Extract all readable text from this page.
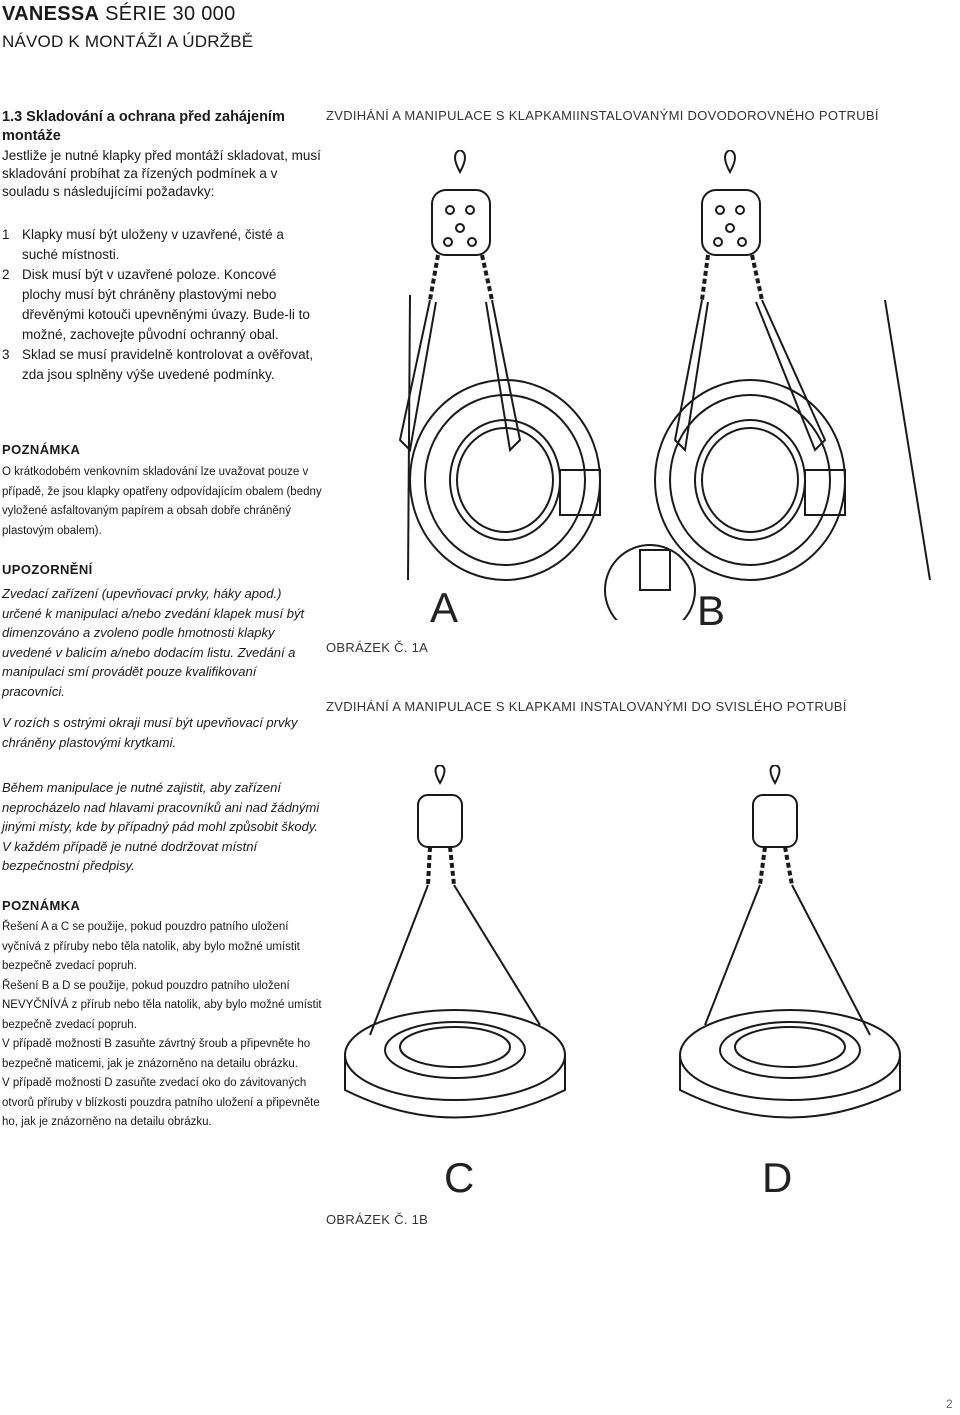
VANESSA SÉRIE 30 000
NÁVOD K MONTÁŽI A ÚDRŽBĚ
1.3 Skladování a ochrana před zahájením montáže
Jestliže je nutné klapky před montáží skladovat, musí skladování probíhat za řízených podmínek a v souladu s následujícími požadavky:
1 Klapky musí být uloženy v uzavřené, čisté a suché místnosti.
2 Disk musí být v uzavřené poloze. Koncové plochy musí být chráněny plastovými nebo dřevěnými kotouči upevněnými úvazy. Bude-li to možné, zachovejte původní ochranný obal.
3 Sklad se musí pravidelně kontrolovat a ověřovat, zda jsou splněny výše uvedené podmínky.
POZNÁMKA
O krátkodobém venkovním skladování lze uvažovat pouze v případě, že jsou klapky opatřeny odpovídajícím obalem (bedny vyložené asfaltovaným papírem a obsah dobře chráněný plastovým obalem).
UPOZORNĚNÍ

Zvedací zařízení (upevňovací prvky, háky apod.) určené k manipulaci a/nebo zvedání klapek musí být dimenzováno a zvoleno podle hmotnosti klapky uvedené v balicím a/nebo dodacím listu. Zvedání a manipulaci smí provádět pouze kvalifikovaní pracovníci.

V rozích s ostrými okraji musí být upevňovací prvky chráněny plastovými krytkami.

Během manipulace je nutné zajistit, aby zařízení neprocházelo nad hlavami pracovníků ani nad žádnými jinými místy, kde by případný pád mohl způsobit škody. V každém případě je nutné dodržovat místní bezpečnostní předpisy.
POZNÁMKA

Řešení A a C se použije, pokud pouzdro patního uložení vyčnívá z příruby nebo těla natolik, aby bylo možné umístit bezpečně zvedací popruh.

Řešení B a D se použije, pokud pouzdro patního uložení NEVYČNÍVÁ z přírub nebo těla natolik, aby bylo možné umístit bezpečně zvedací popruh.

V případě možnosti B zasuňte závrtný šroub a připevněte ho bezpečně maticemi, jak je znázorněno na detailu obrázku.

V případě možnosti D zasuňte zvedací oko do závitovaných otvorů příruby v blízkosti pouzdra patního uložení a připevněte ho, jak je znázorněno na detailu obrázku.

ZVDIHÁNÍ A MANIPULACE S KLAPKAMIINSTALOVANÝMI DOVODOROVNÉHO POTRUBÍ
ZVDIHÁNÍ A MANIPULACE S KLAPKAMI INSTALOVANÝMI DO SVISLÉHO POTRUBÍ
OBRÁZEK Č. 1A
OBRÁZEK Č. 1B
A	B
C	D
2
